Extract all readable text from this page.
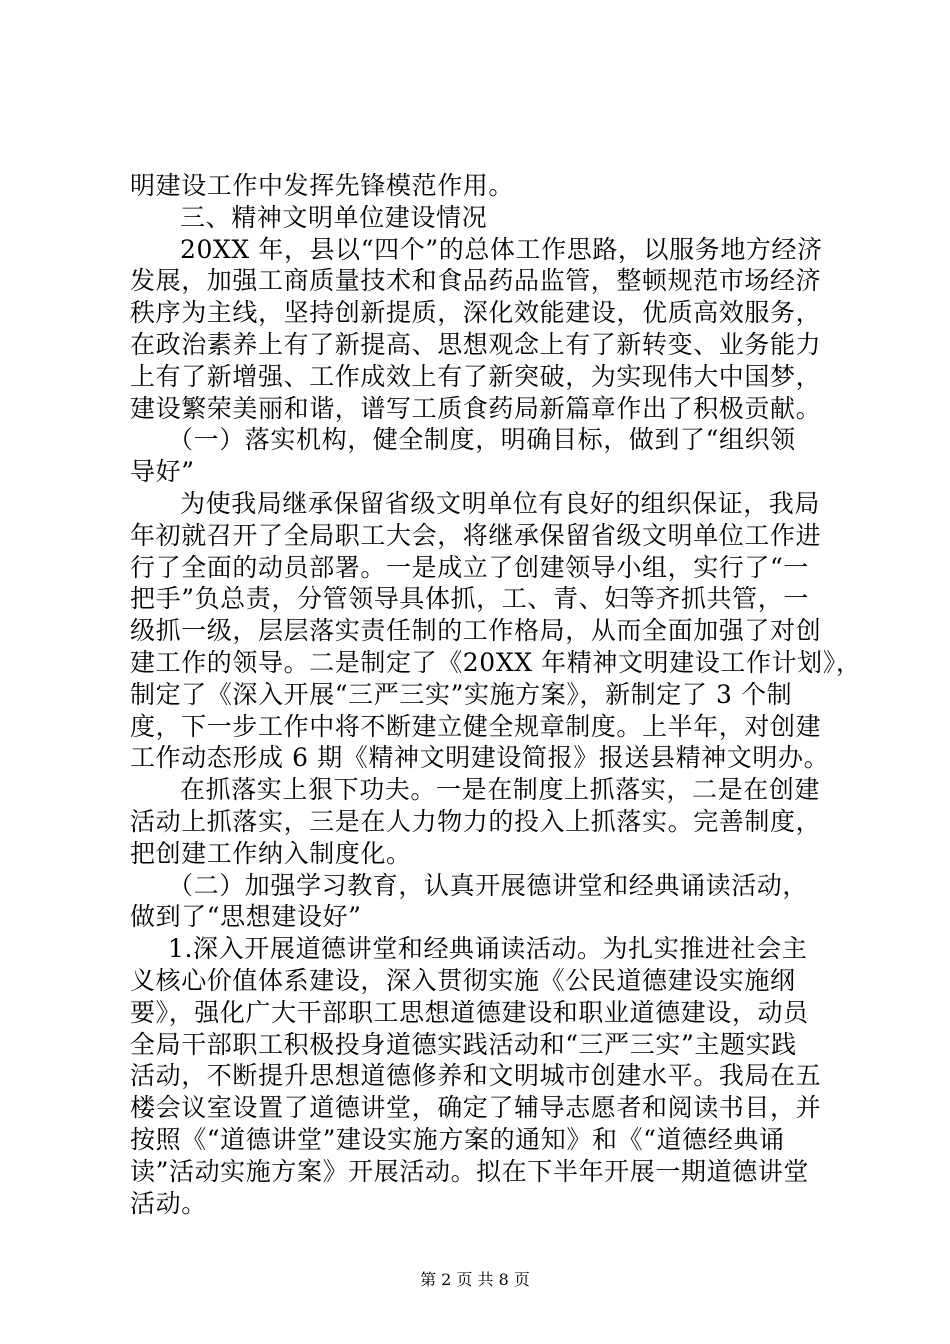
明建设工作中发挥先锋模范作用。
三、精神文明单位建设情况
20XX 年，县以“四个”的总体工作思路，以服务地方经济
发展，加强工商质量技术和食品药品监管，整顿规范市场经济
秩序为主线，坚持创新提质，深化效能建设，优质高效服务，
在政治素养上有了新提高、思想观念上有了新转变、业务能力
上有了新增强、工作成效上有了新突破，为实现伟大中国梦，
建设繁荣美丽和谐，谱写工质食药局新篇章作出了积极贡献。
（一）落实机构，健全制度，明确目标，做到了“组织领
导好”
为使我局继承保留省级文明单位有良好的组织保证，我局
年初就召开了全局职工大会，将继承保留省级文明单位工作进
行了全面的动员部署。一是成立了创建领导小组，实行了“一
把手”负总责，分管领导具体抓，工、青、妇等齐抓共管，一
级抓一级，层层落实责任制的工作格局，从而全面加强了对创
建工作的领导。二是制定了《20XX 年精神文明建设工作计划》，
制定了《深入开展“三严三实”实施方案》，新制定了 3 个制
度，下一步工作中将不断建立健全规章制度。上半年，对创建
工作动态形成 6 期《精神文明建设简报》报送县精神文明办。
在抓落实上狠下功夫。一是在制度上抓落实，二是在创建
活动上抓落实，三是在人力物力的投入上抓落实。完善制度，
把创建工作纳入制度化。
（二）加强学习教育，认真开展德讲堂和经典诵读活动，
做到了“思想建设好”
1.深入开展道德讲堂和经典诵读活动。为扎实推进社会主
义核心价值体系建设，深入贯彻实施《公民道德建设实施纲
要》，强化广大干部职工思想道德建设和职业道德建设，动员
全局干部职工积极投身道德实践活动和“三严三实”主题实践
活动，不断提升思想道德修养和文明城市创建水平。我局在五
楼会议室设置了道德讲堂，确定了辅导志愿者和阅读书目，并
按照《“道德讲堂”建设实施方案的通知》和《“道德经典诵
读”活动实施方案》开展活动。拟在下半年开展一期道德讲堂
活动。
第 2 页 共 8 页
